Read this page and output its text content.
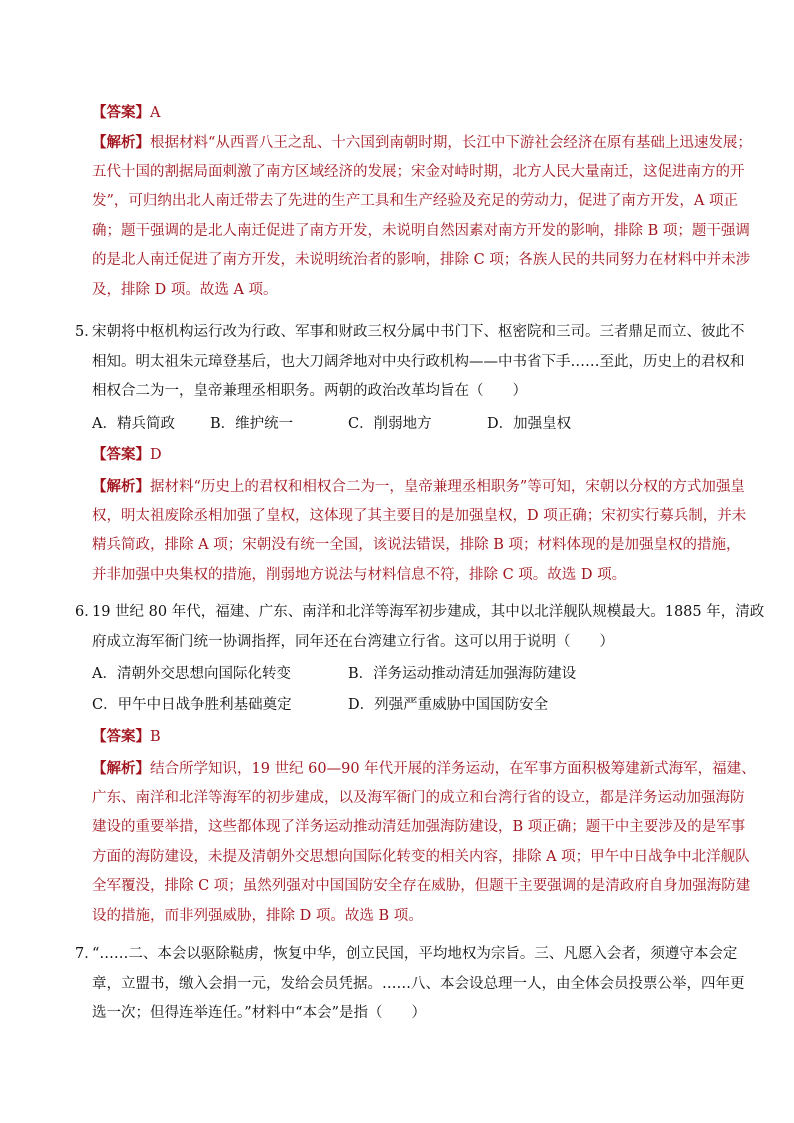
【答案】A
【解析】根据材料“从西晋八王之乱、十六国到南朝时期，长江中下游社会经济在原有基础上迅速发展；
五代十国的割据局面刺激了南方区域经济的发展；宋金对峙时期，北方人民大量南迁，这促进南方的开
发”，可归纳出北人南迁带去了先进的生产工具和生产经验及充足的劳动力，促进了南方开发，A 项正
确；题干强调的是北人南迁促进了南方开发，未说明自然因素对南方开发的影响，排除 B 项；题干强调
的是北人南迁促进了南方开发，未说明统治者的影响，排除 C 项；各族人民的共同努力在材料中并未涉
及，排除 D 项。故选 A 项。
5．
宋朝将中枢机构运行改为行政、军事和财政三权分属中书门下、枢密院和三司。三者鼎足而立、彼此不
相知。明太祖朱元璋登基后，也大刀阔斧地对中央行政机构——中书省下手……至此，历史上的君权和
相权合二为一，皇帝兼理丞相职务。两朝的政治改革均旨在（　　）
A．精兵简政 B．维护统一	C．削弱地方	D．加强皇权
【答案】D
【解析】据材料“历史上的君权和相权合二为一，皇帝兼理丞相职务”等可知，宋朝以分权的方式加强皇
权，明太祖废除丞相加强了皇权，这体现了其主要目的是加强皇权，D 项正确；宋初实行募兵制，并未
精兵简政，排除 A 项；宋朝没有统一全国，该说法错误，排除 B 项；材料体现的是加强皇权的措施，
并非加强中央集权的措施，削弱地方说法与材料信息不符，排除 C 项。故选 D 项。
6．
19 世纪 80 年代，福建、广东、南洋和北洋等海军初步建成，其中以北洋舰队规模最大。1885 年，清政
府成立海军衙门统一协调指挥，同年还在台湾建立行省。这可以用于说明（　　）
A．清朝外交思想向国际化转变	B．洋务运动推动清廷加强海防建设
C．甲午中日战争胜利基础奠定	D．列强严重威胁中国国防安全
【答案】B
【解析】结合所学知识，19 世纪 60—90 年代开展的洋务运动，在军事方面积极筹建新式海军，福建、
广东、南洋和北洋等海军的初步建成，以及海军衙门的成立和台湾行省的设立，都是洋务运动加强海防
建设的重要举措，这些都体现了洋务运动推动清廷加强海防建设，B 项正确；题干中主要涉及的是军事
方面的海防建设，未提及清朝外交思想向国际化转变的相关内容，排除 A 项；甲午中日战争中北洋舰队
全军覆没，排除 C 项；虽然列强对中国国防安全存在威胁，但题干主要强调的是清政府自身加强海防建
设的措施，而非列强威胁，排除 D 项。故选 B 项。
7．
“……二、本会以驱除鞑虏，恢复中华，创立民国，平均地权为宗旨。三、凡愿入会者，须遵守本会定
章，立盟书，缴入会捐一元，发给会员凭据。……八、本会设总理一人，由全体会员投票公举，四年更
选一次；但得连举连任。”材料中“本会”是指（　　）
